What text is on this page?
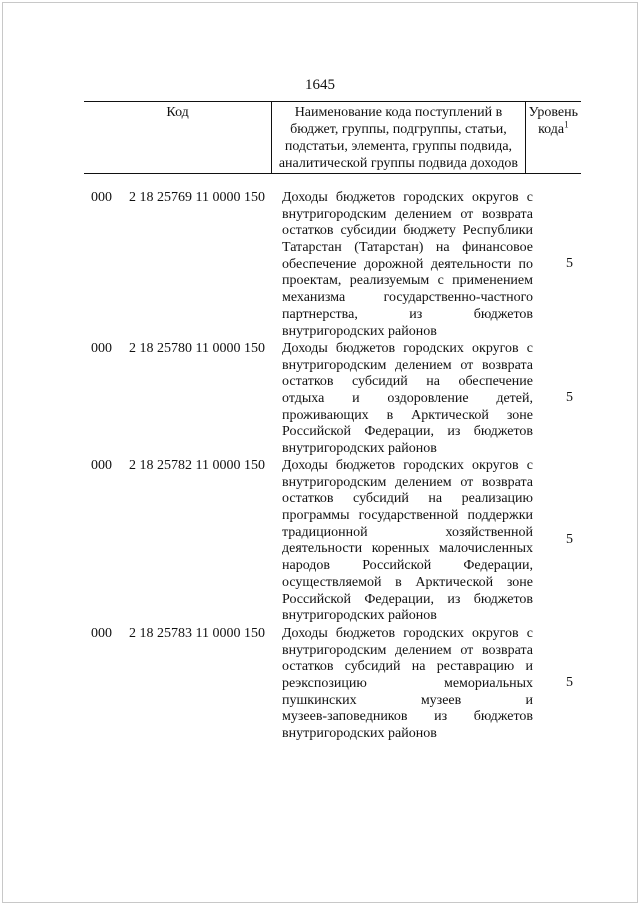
1645
Код	Наименование кода поступлений в
бюджет, группы, подгруппы, статьи,
подстатьи, элемента, группы подвида,
аналитической группы подвида доходов

Уровень
кода$^1$
000 2 18 25769 11 0000 150 Доходы бюджетов городских округов с
внутригородским делением от возврата
остатков субсидии бюджету Республики
Татарстан (Татарстан) на финансовое
обеспечение дорожной деятельности по
проектам, реализуемым с применением
механизма государственно-частного
партнерства, из бюджетов
внутригородских районов
5
000 2 18 25780 11 0000 150 Доходы бюджетов городских округов с
внутригородским делением от возврата
остатков субсидий на обеспечение
отдыха и оздоровление детей,
проживающих в Арктической зоне
Российской Федерации, из бюджетов
внутригородских районов
5
000 2 18 25782 11 0000 150 Доходы бюджетов городских округов с
внутригородским делением от возврата
остатков субсидий на реализацию
программы государственной поддержки
традиционной хозяйственной
деятельности коренных малочисленных
народов Российской Федерации,
осуществляемой в Арктической зоне
Российской Федерации, из бюджетов
внутригородских районов
5
000 2 18 25783 11 0000 150 Доходы бюджетов городских округов с
внутригородским делением от возврата
остатков субсидий на реставрацию и
реэкспозицию мемориальных
пушкинских музеев и
музеев-заповедников из бюджетов
внутригородских районов
5
